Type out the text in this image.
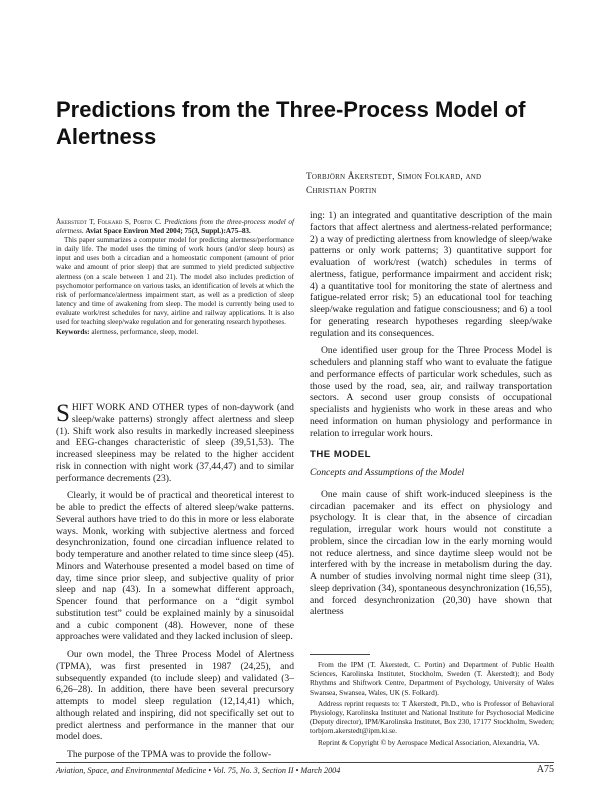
Predictions from the Three-Process Model of Alertness
Torbjörn Åkerstedt, Simon Folkard, and
Christian Portin

Åkerstedt T, Folkard S, Portin C. Predictions from the three-process model of alertness. Aviat Space Environ Med 2004; 75(3, Suppl.):A75–83.

This paper summarizes a computer model for predicting alertness/performance in daily life. The model uses the timing of work hours (and/or sleep hours) as input and uses both a circadian and a homeostatic component (amount of prior wake and amount of prior sleep) that are summed to yield predicted subjective alertness (on a scale between 1 and 21). The model also includes prediction of psychomotor performance on various tasks, an identification of levels at which the risk of performance/alertness impairment start, as well as a prediction of sleep latency and time of awakening from sleep. The model is currently being used to evaluate work/rest schedules for navy, airline and railway applications. It is also used for teaching sleep/wake regulation and for generating research hypotheses.

Keywords: alertness, performance, sleep, model.

SHIFT WORK AND OTHER types of non-daywork (and sleep/wake patterns) strongly affect alertness and sleep (1). Shift work also results in markedly increased sleepiness and EEG-changes characteristic of sleep (39,51,53). The increased sleepiness may be related to the higher accident risk in connection with night work (37,44,47) and to similar performance decrements (23).

Clearly, it would be of practical and theoretical interest to be able to predict the effects of altered sleep/wake patterns. Several authors have tried to do this in more or less elaborate ways. Monk, working with subjective alertness and forced desynchronization, found one circadian influence related to body temperature and another related to time since sleep (45). Minors and Waterhouse presented a model based on time of day, time since prior sleep, and subjective quality of prior sleep and nap (43). In a somewhat different approach, Spencer found that performance on a “digit symbol substitution test” could be explained mainly by a sinusoidal and a cubic component (48). However, none of these approaches were validated and they lacked inclusion of sleep.

Our own model, the Three Process Model of Alertness (TPMA), was first presented in 1987 (24,25), and subsequently expanded (to include sleep) and validated (3–6,26–28). In addition, there have been several precursory attempts to model sleep regulation (12,14,41) which, although related and inspiring, did not specifically set out to predict alertness and performance in the manner that our model does.

The purpose of the TPMA was to provide the follow-

ing: 1) an integrated and quantitative description of the main factors that affect alertness and alertness-related performance; 2) a way of predicting alertness from knowledge of sleep/wake patterns or only work patterns; 3) quantitative support for evaluation of work/rest (watch) schedules in terms of alertness, fatigue, performance impairment and accident risk; 4) a quantitative tool for monitoring the state of alertness and fatigue-related error risk; 5) an educational tool for teaching sleep/wake regulation and fatigue consciousness; and 6) a tool for generating research hypotheses regarding sleep/wake regulation and its consequences.

One identified user group for the Three Process Model is schedulers and planning staff who want to evaluate the fatigue and performance effects of particular work schedules, such as those used by the road, sea, air, and railway transportation sectors. A second user group consists of occupational specialists and hygienists who work in these areas and who need information on human physiology and performance in relation to irregular work hours.

THE MODEL
Concepts and Assumptions of the Model

One main cause of shift work-induced sleepiness is the circadian pacemaker and its effect on physiology and psychology. It is clear that, in the absence of circadian regulation, irregular work hours would not constitute a problem, since the circadian low in the early morning would not reduce alertness, and since daytime sleep would not be interfered with by the increase in metabolism during the day. A number of studies involving normal night time sleep (31), sleep deprivation (34), spontaneous desynchronization (16,55), and forced desynchronization (20,30) have shown that alertness

From the IPM (T. Åkerstedt, C. Portin) and Department of Public Health Sciences, Karolinska Institutet, Stockholm, Sweden (T. Åkerstedt); and Body Rhythms and Shiftwork Centre, Department of Psychology, University of Wales Swansea, Swansea, Wales, UK (S. Folkard).

Address reprint requests to: T Åkerstedt, Ph.D., who is Professor of Behavioral Physiology, Karolinska Institutet and National Institute for Psychosocial Medicine (Deputy director), IPM/Karolinska Institutet, Box 230, 17177 Stockholm, Sweden; torbjorn.akerstedt@ipm.ki.se.

Reprint & Copyright © by Aerospace Medical Association, Alexandria, VA.

Aviation, Space, and Environmental Medicine • Vol. 75, No. 3, Section II • March 2004	A75
